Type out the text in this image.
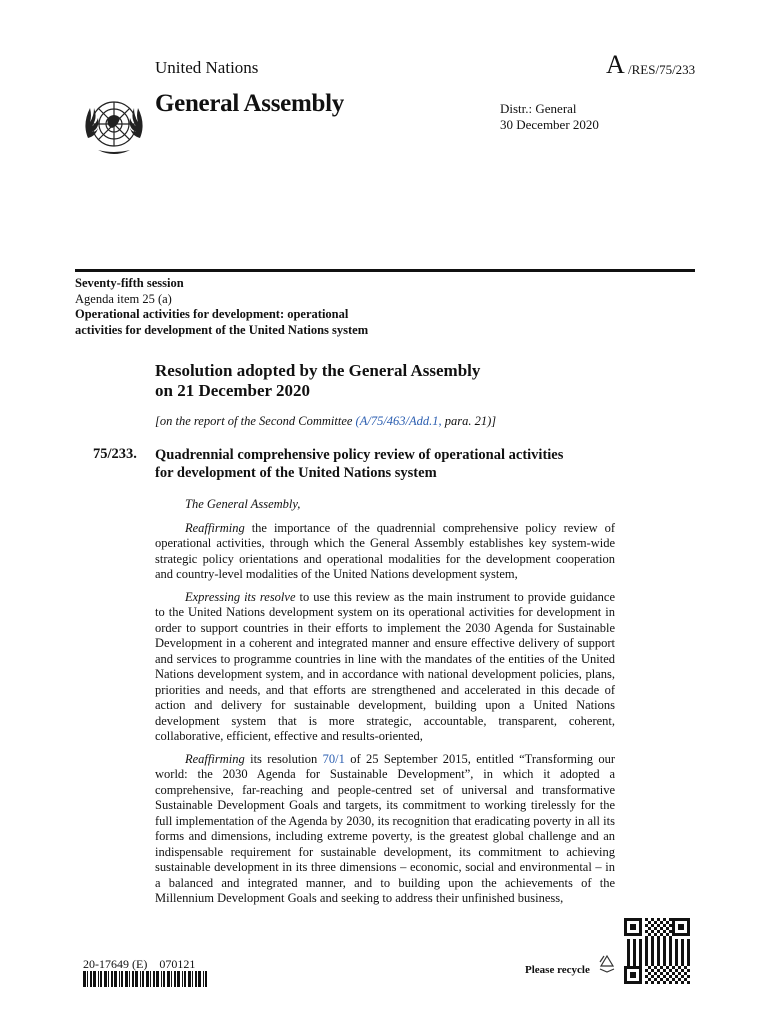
United Nations	A /RES/75/233
General Assembly	Distr.: General
30 December 2020
Seventy-fifth session
Agenda item 25 (a)
Operational activities for development: operational
activities for development of the United Nations system
Resolution adopted by the General Assembly
on 21 December 2020
[on the report of the Second Committee (A/75/463/Add.1, para. 21)]
75/233. Quadrennial comprehensive policy review of operational activities
for development of the United Nations system

The General Assembly,

Reaffirming the importance of the quadrennial comprehensive policy review of operational activities, through which the General Assembly establishes key system-wide strategic policy orientations and operational modalities for the development cooperation and country-level modalities of the United Nations development system,

Expressing its resolve to use this review as the main instrument to provide guidance to the United Nations development system on its operational activities for development in order to support countries in their efforts to implement the 2030 Agenda for Sustainable Development in a coherent and integrated manner and ensure effective delivery of support and services to programme countries in line with the mandates of the entities of the United Nations development system, and in accordance with national development policies, plans, priorities and needs, and that efforts are strengthened and accelerated in this decade of action and delivery for sustainable development, building upon a United Nations development system that is more strategic, accountable, transparent, coherent, collaborative, efficient, effective and results-oriented,

Reaffirming its resolution 70/1 of 25 September 2015, entitled “Transforming our world: the 2030 Agenda for Sustainable Development”, in which it adopted a comprehensive, far-reaching and people-centred set of universal and transformative Sustainable Development Goals and targets, its commitment to working tirelessly for the full implementation of the Agenda by 2030, its recognition that eradicating poverty in all its forms and dimensions, including extreme poverty, is the greatest global challenge and an indispensable requirement for sustainable development, its commitment to achieving sustainable development in its three dimensions – economic, social and environmental – in a balanced and integrated manner, and to building upon the achievements of the Millennium Development Goals and seeking to address their unfinished business,

20-17649 (E)    070121	Please recycle
